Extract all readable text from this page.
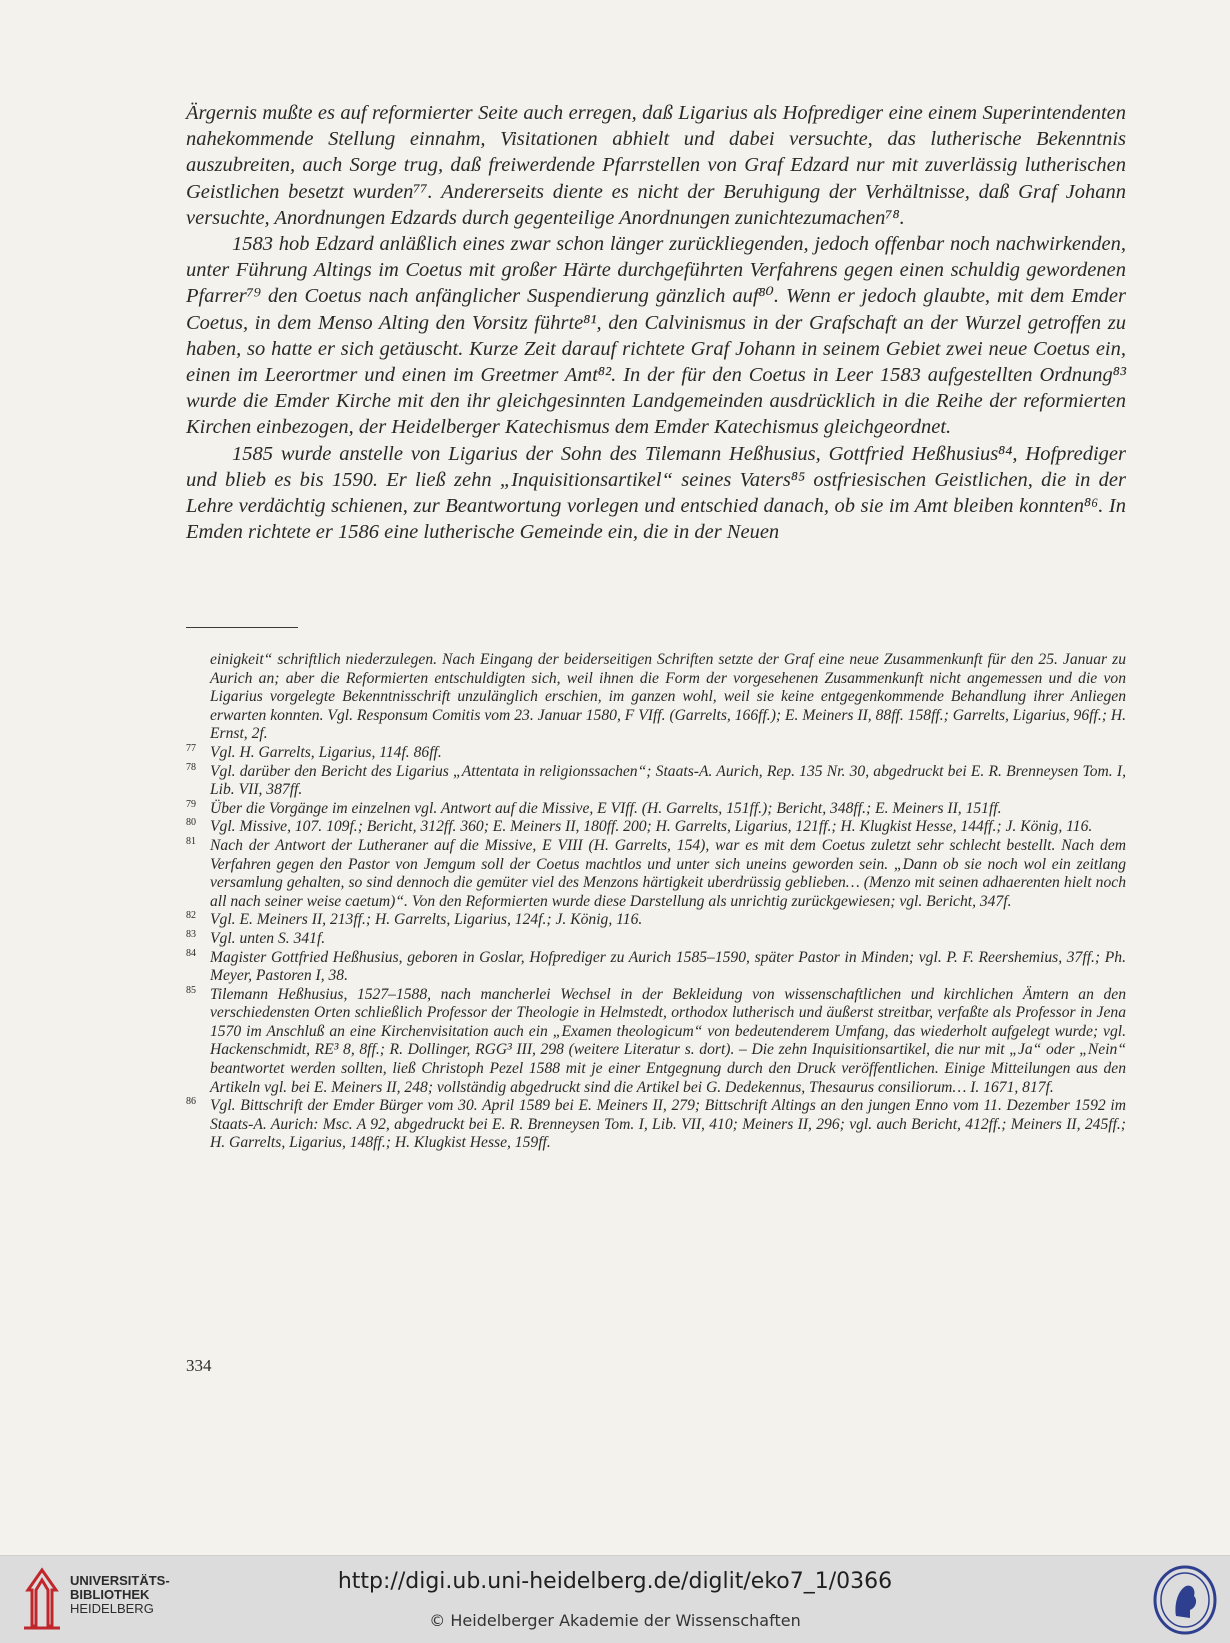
Ärgernis mußte es auf reformierter Seite auch erregen, daß Ligarius als Hofprediger eine einem Superintendenten nahekommende Stellung einnahm, Visitationen abhielt und dabei versuchte, das lutherische Bekenntnis auszubreiten, auch Sorge trug, daß freiwerdende Pfarrstellen von Graf Edzard nur mit zuverlässig lutherischen Geistlichen besetzt wurden⁷⁷. Andererseits diente es nicht der Beruhigung der Verhältnisse, daß Graf Johann versuchte, Anordnungen Edzards durch gegenteilige Anordnungen zunichtezumachen⁷⁸.

1583 hob Edzard anläßlich eines zwar schon länger zurückliegenden, jedoch offenbar noch nachwirkenden, unter Führung Altings im Coetus mit großer Härte durchgeführten Verfahrens gegen einen schuldig gewordenen Pfarrer⁷⁹ den Coetus nach anfänglicher Suspendierung gänzlich auf⁸⁰. Wenn er jedoch glaubte, mit dem Emder Coetus, in dem Menso Alting den Vorsitz führte⁸¹, den Calvinismus in der Grafschaft an der Wurzel getroffen zu haben, so hatte er sich getäuscht. Kurze Zeit darauf richtete Graf Johann in seinem Gebiet zwei neue Coetus ein, einen im Leerortmer und einen im Greetmer Amt⁸². In der für den Coetus in Leer 1583 aufgestellten Ordnung⁸³ wurde die Emder Kirche mit den ihr gleichgesinnten Landgemeinden ausdrücklich in die Reihe der reformierten Kirchen einbezogen, der Heidelberger Katechismus dem Emder Katechismus gleichgeordnet.

1585 wurde anstelle von Ligarius der Sohn des Tilemann Heßhusius, Gottfried Heßhusius⁸⁴, Hofprediger und blieb es bis 1590. Er ließ zehn „Inquisitionsartikel“ seines Vaters⁸⁵ ostfriesischen Geistlichen, die in der Lehre verdächtig schienen, zur Beantwortung vorlegen und entschied danach, ob sie im Amt bleiben konnten⁸⁶. In Emden richtete er 1586 eine lutherische Gemeinde ein, die in der Neuen

einigkeit“ schriftlich niederzulegen. Nach Eingang der beiderseitigen Schriften setzte der Graf eine neue Zusammenkunft für den 25. Januar zu Aurich an; aber die Reformierten entschuldigten sich, weil ihnen die Form der vorgesehenen Zusammenkunft nicht angemessen und die von Ligarius vorgelegte Bekenntnisschrift unzulänglich erschien, im ganzen wohl, weil sie keine entgegenkommende Behandlung ihrer Anliegen erwarten konnten. Vgl. Responsum Comitis vom 23. Januar 1580, F VIff. (Garrelts, 166ff.); E. Meiners II, 88ff. 158ff.; Garrelts, Ligarius, 96ff.; H. Ernst, 2f.

77 Vgl. H. Garrelts, Ligarius, 114f. 86ff.

78 Vgl. darüber den Bericht des Ligarius „Attentata in religionssachen“; Staats-A. Aurich, Rep. 135 Nr. 30, abgedruckt bei E. R. Brenneysen Tom. I, Lib. VII, 387ff.

79 Über die Vorgänge im einzelnen vgl. Antwort auf die Missive, E VIff. (H. Garrelts, 151ff.); Bericht, 348ff.; E. Meiners II, 151ff.

80 Vgl. Missive, 107. 109f.; Bericht, 312ff. 360; E. Meiners II, 180ff. 200; H. Garrelts, Ligarius, 121ff.; H. Klugkist Hesse, 144ff.; J. König, 116.

81 Nach der Antwort der Lutheraner auf die Missive, E VIII (H. Garrelts, 154), war es mit dem Coetus zuletzt sehr schlecht bestellt. Nach dem Verfahren gegen den Pastor von Jemgum soll der Coetus machtlos und unter sich uneins geworden sein. „Dann ob sie noch wol ein zeitlang versamlung gehalten, so sind dennoch die gemüter viel des Menzons härtigkeit uberdrüssig geblieben… (Menzo mit seinen adhaerenten hielt noch all nach seiner weise caetum)“. Von den Reformierten wurde diese Darstellung als unrichtig zurückgewiesen; vgl. Bericht, 347f.

82 Vgl. E. Meiners II, 213ff.; H. Garrelts, Ligarius, 124f.; J. König, 116.

83 Vgl. unten S. 341f.

84 Magister Gottfried Heßhusius, geboren in Goslar, Hofprediger zu Aurich 1585–1590, später Pastor in Minden; vgl. P. F. Reershemius, 37ff.; Ph. Meyer, Pastoren I, 38.

85 Tilemann Heßhusius, 1527–1588, nach mancherlei Wechsel in der Bekleidung von wissenschaftlichen und kirchlichen Ämtern an den verschiedensten Orten schließlich Professor der Theologie in Helmstedt, orthodox lutherisch und äußerst streitbar, verfaßte als Professor in Jena 1570 im Anschluß an eine Kirchenvisitation auch ein „Examen theologicum“ von bedeutenderem Umfang, das wiederholt aufgelegt wurde; vgl. Hackenschmidt, RE³ 8, 8ff.; R. Dollinger, RGG³ III, 298 (weitere Literatur s. dort). – Die zehn Inquisitionsartikel, die nur mit „Ja“ oder „Nein“ beantwortet werden sollten, ließ Christoph Pezel 1588 mit je einer Entgegnung durch den Druck veröffentlichen. Einige Mitteilungen aus den Artikeln vgl. bei E. Meiners II, 248; vollständig abgedruckt sind die Artikel bei G. Dedekennus, Thesaurus consiliorum… I. 1671, 817f.

86 Vgl. Bittschrift der Emder Bürger vom 30. April 1589 bei E. Meiners II, 279; Bittschrift Altings an den jungen Enno vom 11. Dezember 1592 im Staats-A. Aurich: Msc. A 92, abgedruckt bei E. R. Brenneysen Tom. I, Lib. VII, 410; Meiners II, 296; vgl. auch Bericht, 412ff.; Meiners II, 245ff.; H. Garrelts, Ligarius, 148ff.; H. Klugkist Hesse, 159ff.

334
UNIVERSITÄTS-
BIBLIOTHEK
HEIDELBERG
http://digi.ub.uni-heidelberg.de/diglit/eko7_1/0366
© Heidelberger Akademie der Wissenschaften
